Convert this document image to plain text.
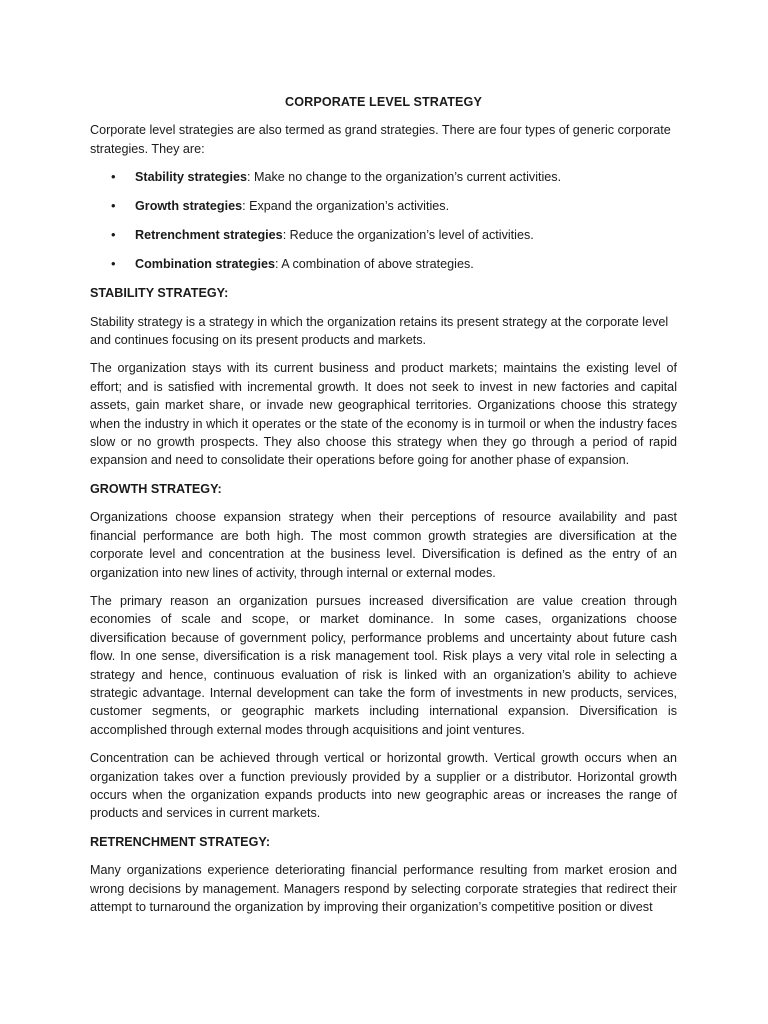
CORPORATE LEVEL STRATEGY

Corporate level strategies are also termed as grand strategies. There are four types of generic corporate strategies. They are:

• Stability strategies: Make no change to the organization’s current activities.
• Growth strategies: Expand the organization’s activities.
• Retrenchment strategies: Reduce the organization’s level of activities.
• Combination strategies: A combination of above strategies.
STABILITY STRATEGY:

Stability strategy is a strategy in which the organization retains its present strategy at the corporate level and continues focusing on its present products and markets.

The organization stays with its current business and product markets; maintains the existing level of effort; and is satisfied with incremental growth. It does not seek to invest in new factories and capital assets, gain market share, or invade new geographical territories. Organizations choose this strategy when the industry in which it operates or the state of the economy is in turmoil or when the industry faces slow or no growth prospects. They also choose this strategy when they go through a period of rapid expansion and need to consolidate their operations before going for another phase of expansion.

GROWTH STRATEGY:

Organizations choose expansion strategy when their perceptions of resource availability and past financial performance are both high. The most common growth strategies are diversification at the corporate level and concentration at the business level. Diversification is defined as the entry of an organization into new lines of activity, through internal or external modes.

The primary reason an organization pursues increased diversification are value creation through economies of scale and scope, or market dominance. In some cases, organizations choose diversification because of government policy, performance problems and uncertainty about future cash flow. In one sense, diversification is a risk management tool. Risk plays a very vital role in selecting a strategy and hence, continuous evaluation of risk is linked with an organization’s ability to achieve strategic advantage. Internal development can take the form of investments in new products, services, customer segments, or geographic markets including international expansion. Diversification is accomplished through external modes through acquisitions and joint ventures.

Concentration can be achieved through vertical or horizontal growth. Vertical growth occurs when an organization takes over a function previously provided by a supplier or a distributor. Horizontal growth occurs when the organization expands products into new geographic areas or increases the range of products and services in current markets.

RETRENCHMENT STRATEGY:

Many organizations experience deteriorating financial performance resulting from market erosion and wrong decisions by management. Managers respond by selecting corporate strategies that redirect their attempt to turnaround the organization by improving their organization’s competitive position or divest
